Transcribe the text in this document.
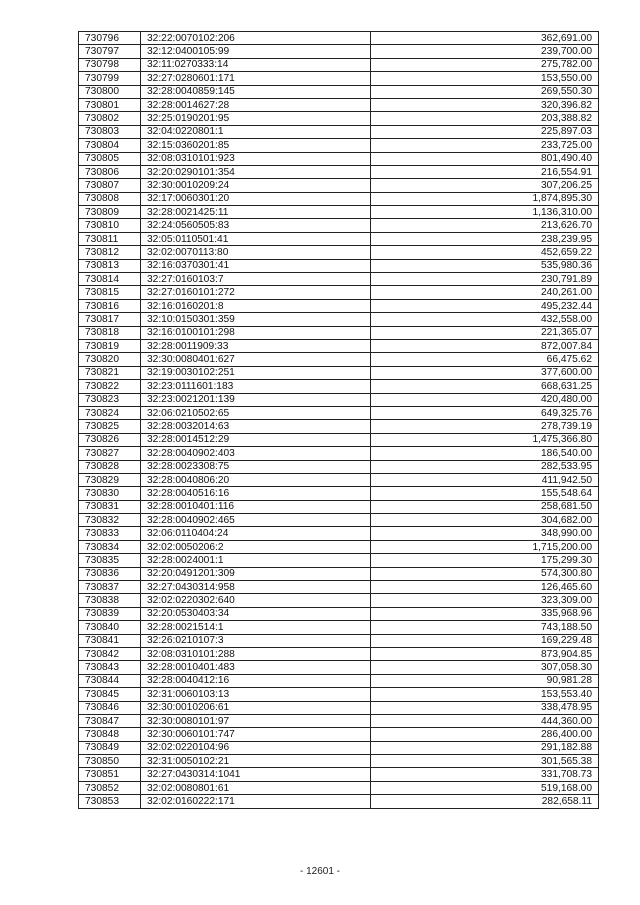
730796	32:22:0070102:206	362,691.00
730797	32:12:0400105:99	239,700.00
730798	32:11:0270333:14	275,782.00
730799	32:27:0280601:171	153,550.00
730800	32:28:0040859:145	269,550.30
730801	32:28:0014627:28	320,396.82
730802	32:25:0190201:95	203,388.82
730803	32:04:0220801:1	225,897.03
730804	32:15:0360201:85	233,725.00
730805	32:08:0310101:923	801,490.40
730806	32:20:0290101:354	216,554.91
730807	32:30:0010209:24	307,206.25
730808	32:17:0060301:20	1,874,895.30
730809	32:28:0021425:11	1,136,310.00
730810	32:24:0560505:83	213,626.70
730811	32:05:0110501:41	238,239.95
730812	32:02:0070113:80	452,659.22
730813	32:16:0370301:41	535,980.36
730814	32:27:0160103:7	230,791.89
730815	32:27:0160101:272	240,261.00
730816	32:16:0160201:8	495,232.44
730817	32:10:0150301:359	432,558.00
730818	32:16:0100101:298	221,365.07
730819	32:28:0011909:33	872,007.84
730820	32:30:0080401:627	66,475.62
730821	32:19:0030102:251	377,600.00
730822	32:23:0111601:183	668,631.25
730823	32:23:0021201:139	420,480.00
730824	32:06:0210502:65	649,325.76
730825	32:28:0032014:63	278,739.19
730826	32:28:0014512:29	1,475,366.80
730827	32:28:0040902:403	186,540.00
730828	32:28:0023308:75	282,533.95
730829	32:28:0040806:20	411,942.50
730830	32:28:0040516:16	155,548.64
730831	32:28:0010401:116	258,681.50
730832	32:28:0040902:465	304,682.00
730833	32:06:0110404:24	348,990.00
730834	32:02:0050206:2	1,715,200.00
730835	32:28:0024001:1	175,299.30
730836	32:20:0491201:309	574,300.80
730837	32:27:0430314:958	126,465.60
730838	32:02:0220302:640	323,309.00
730839	32:20:0530403:34	335,968.96
730840	32:28:0021514:1	743,188.50
730841	32:26:0210107:3	169,229.48
730842	32:08:0310101:288	873,904.85
730843	32:28:0010401:483	307,058.30
730844	32:28:0040412:16	90,981.28
730845	32:31:0060103:13	153,553.40
730846	32:30:0010206:61	338,478.95
730847	32:30:0080101:97	444,360.00
730848	32:30:0060101:747	286,400.00
730849	32:02:0220104:96	291,182.88
730850	32:31:0050102:21	301,565.38
730851	32:27:0430314:1041	331,708.73
730852	32:02:0080801:61	519,168.00
730853	32:02:0160222:171	282,658.11
- 12601 -
